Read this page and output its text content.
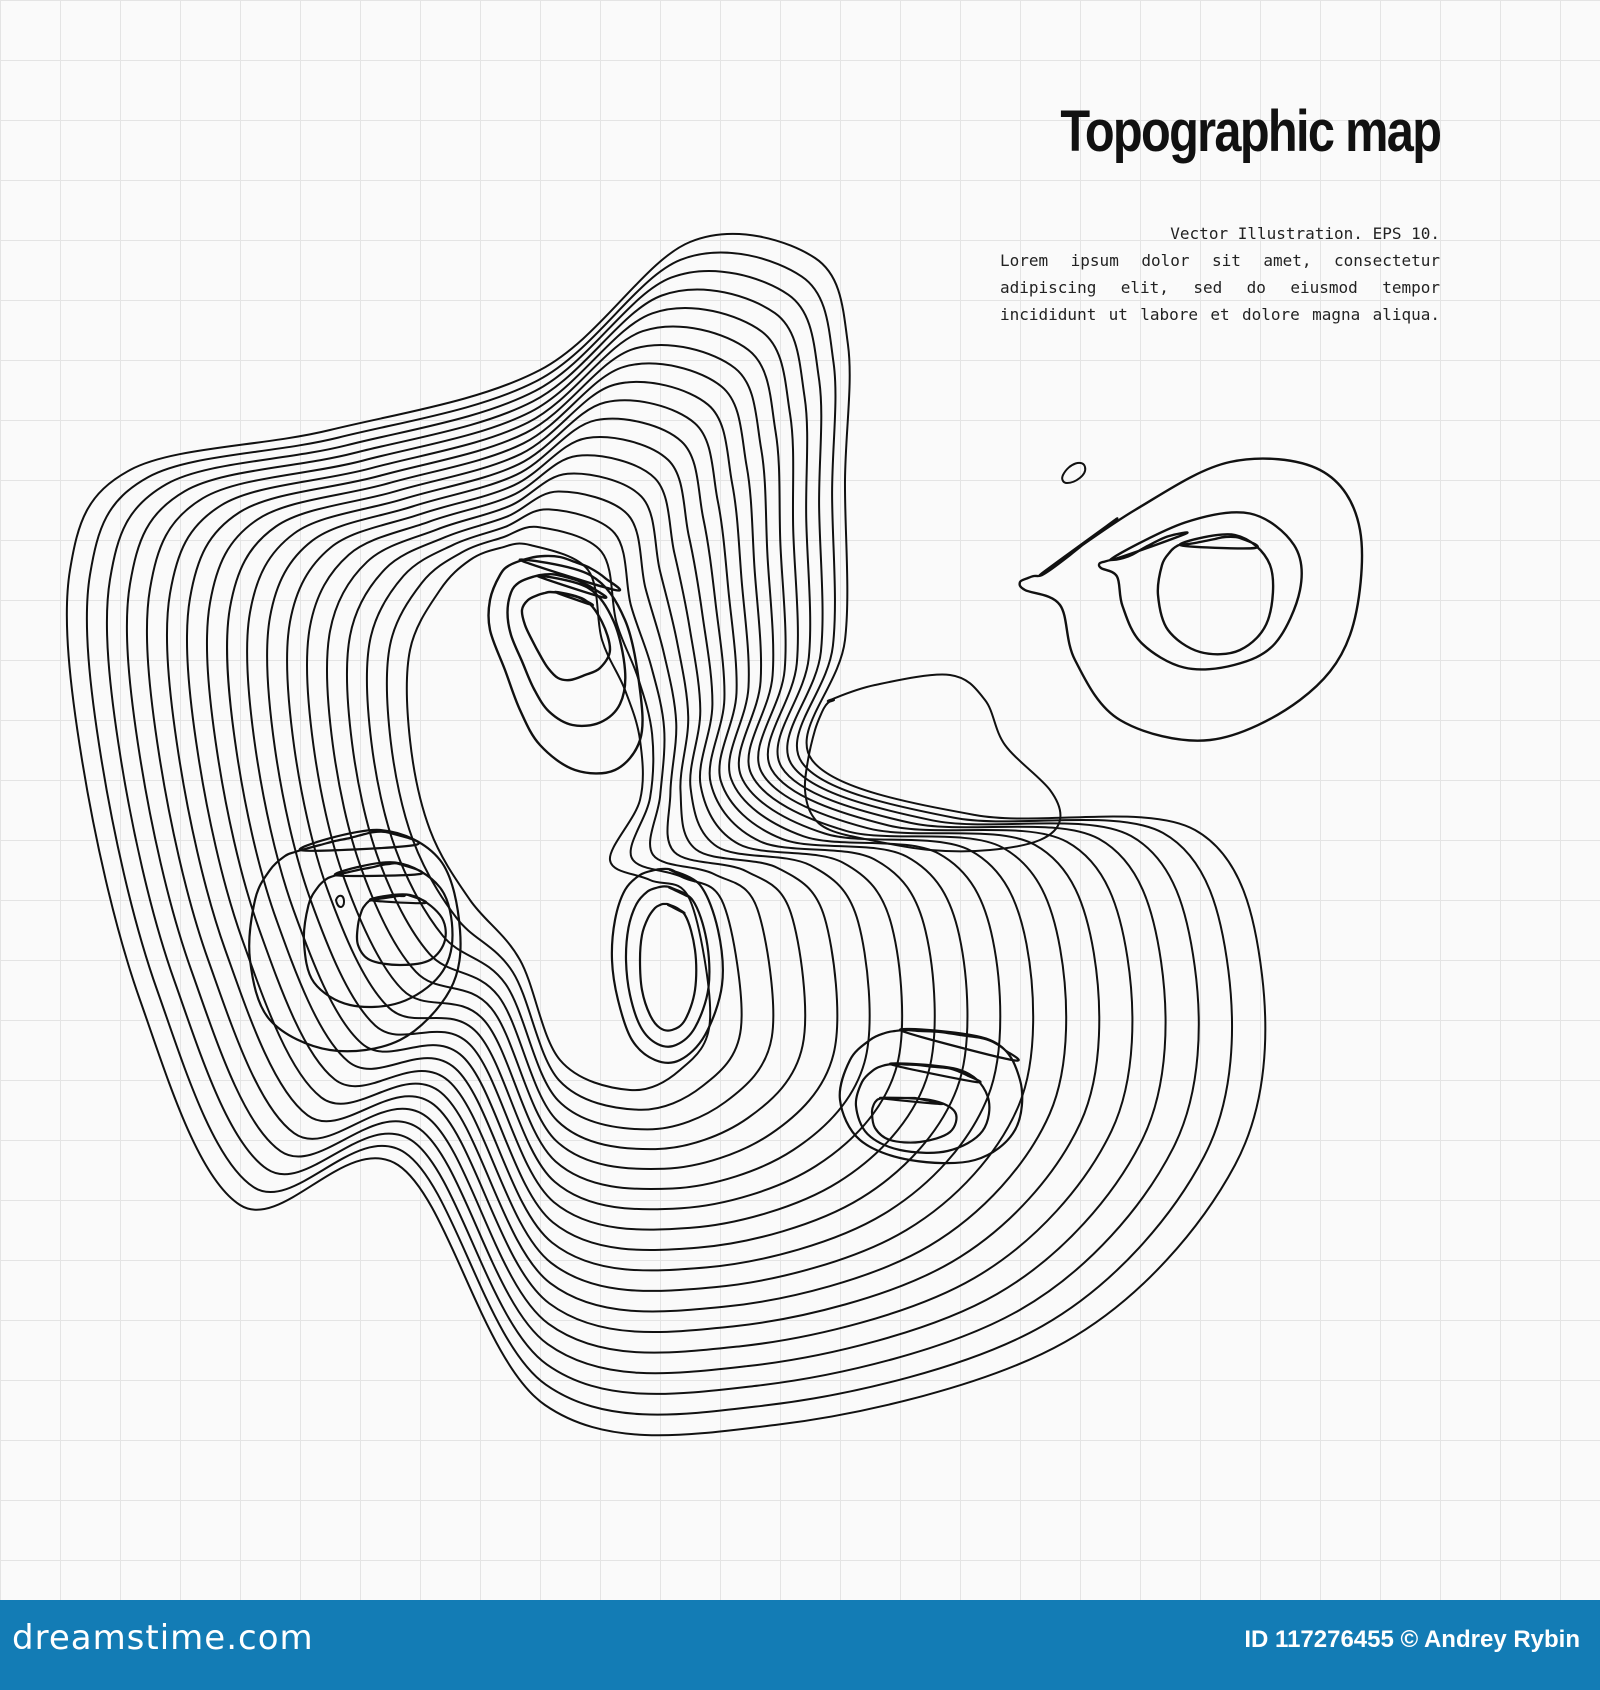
Topographic map
Vector Illustration. EPS 10.
Lorem ipsum dolor sit amet, consectetur
adipiscing elit, sed do eiusmod tempor
incididunt ut labore et dolore magna aliqua.
dreamstime.com	ID 117276455 © Andrey Rybin
